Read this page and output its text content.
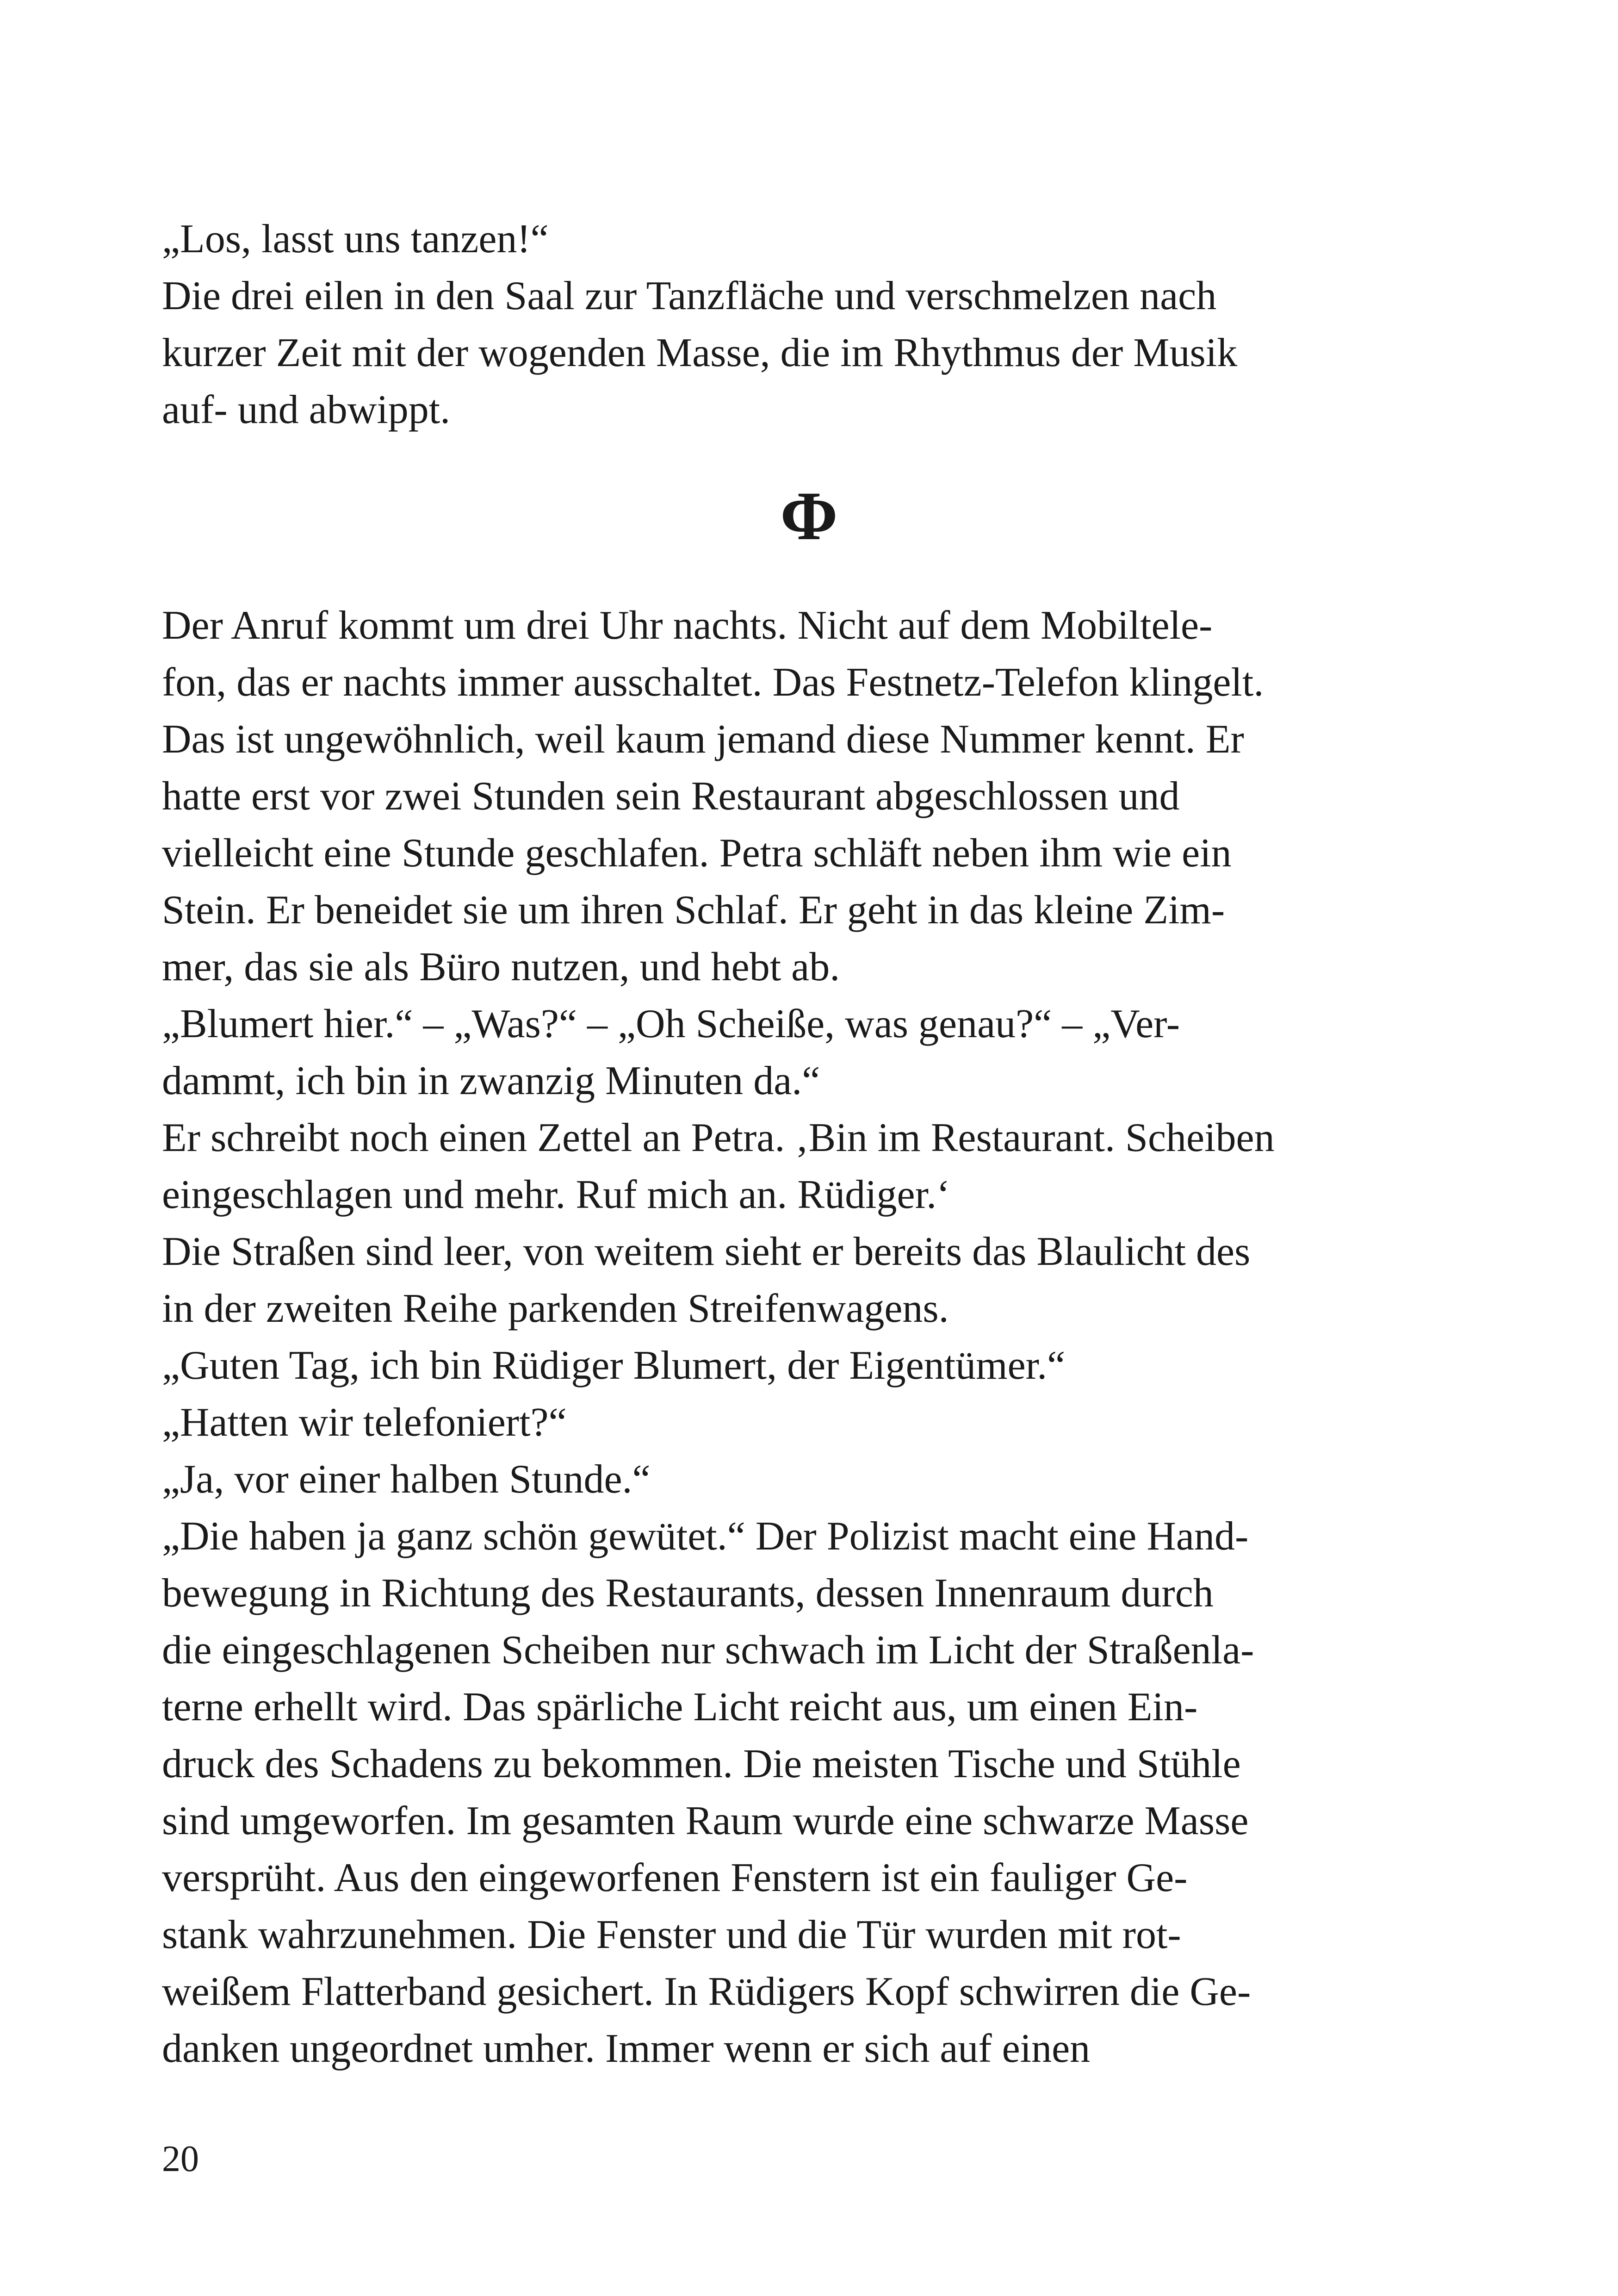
„Los, lasst uns tanzen!“
Die drei eilen in den Saal zur Tanzfläche und verschmelzen nach
kurzer Zeit mit der wogenden Masse, die im Rhythmus der Musik
auf- und abwippt.
Φ
Der Anruf kommt um drei Uhr nachts. Nicht auf dem Mobiltele-
fon, das er nachts immer ausschaltet. Das Festnetz-Telefon klingelt.
Das ist ungewöhnlich, weil kaum jemand diese Nummer kennt. Er
hatte erst vor zwei Stunden sein Restaurant abgeschlossen und
vielleicht eine Stunde geschlafen. Petra schläft neben ihm wie ein
Stein. Er beneidet sie um ihren Schlaf. Er geht in das kleine Zim-
mer, das sie als Büro nutzen, und hebt ab.
„Blumert hier.“ – „Was?“ – „Oh Scheiße, was genau?“ – „Ver-
dammt, ich bin in zwanzig Minuten da.“
Er schreibt noch einen Zettel an Petra. ‚Bin im Restaurant. Scheiben
eingeschlagen und mehr. Ruf mich an. Rüdiger.‘
Die Straßen sind leer, von weitem sieht er bereits das Blaulicht des
in der zweiten Reihe parkenden Streifenwagens.
„Guten Tag, ich bin Rüdiger Blumert, der Eigentümer.“
„Hatten wir telefoniert?“
„Ja, vor einer halben Stunde.“
„Die haben ja ganz schön gewütet.“ Der Polizist macht eine Hand-
bewegung in Richtung des Restaurants, dessen Innenraum durch
die eingeschlagenen Scheiben nur schwach im Licht der Straßenla-
terne erhellt wird. Das spärliche Licht reicht aus, um einen Ein-
druck des Schadens zu bekommen. Die meisten Tische und Stühle
sind umgeworfen. Im gesamten Raum wurde eine schwarze Masse
versprüht. Aus den eingeworfenen Fenstern ist ein fauliger Ge-
stank wahrzunehmen. Die Fenster und die Tür wurden mit rot-
weißem Flatterband gesichert. In Rüdigers Kopf schwirren die Ge-
danken ungeordnet umher. Immer wenn er sich auf einen
20
